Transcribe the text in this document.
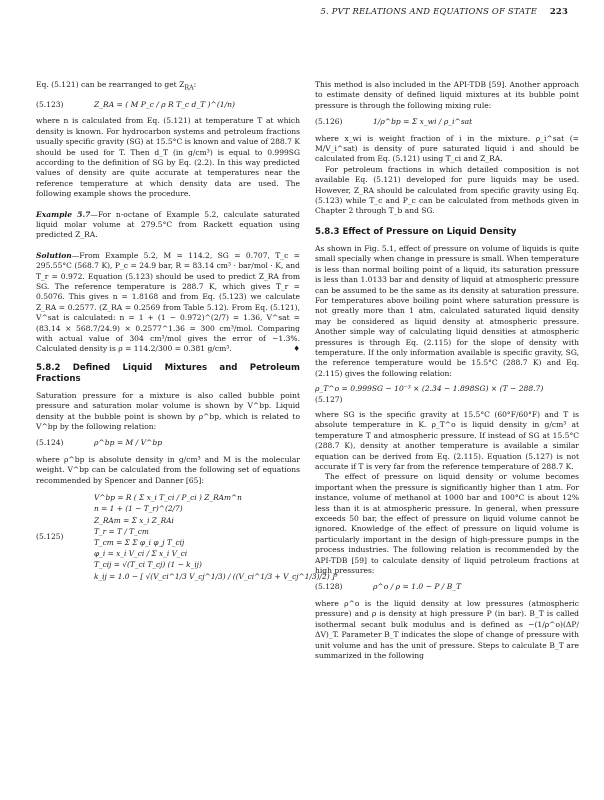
5. PVT RELATIONS AND EQUATIONS OF STATE 223

Eq. (5.121) can be rearranged to get $Z_{RA}$:

(5.123)	Z_RA = ( M P_c / ρ R T_c d_T )^(1/n)

where n is calculated from Eq. (5.121) at temperature T at which density is known. For hydrocarbon systems and petroleum fractions usually specific gravity (SG) at 15.5°C is known and value of 288.7 K should be used for T. Then d_T (in g/cm³) is equal to 0.999SG according to the definition of SG by Eq. (2.2). In this way predicted values of density are quite accurate at temperatures near the reference temperature at which density data are used. The following example shows the procedure.

Example 5.7—For n-octane of Example 5.2, calculate saturated liquid molar volume at 279.5°C from Rackett equation using predicted Z_RA.

Solution—From Example 5.2, M = 114.2, SG = 0.707, T_c = 295.55°C (568.7 K), P_c = 24.9 bar, R = 83.14 cm³ · bar/mol · K, and T_r = 0.972. Equation (5.123) should be used to predict Z_RA from SG. The reference temperature is 288.7 K, which gives T_r = 0.5076. This gives n = 1.8168 and from Eq. (5.123) we calculate Z_RA = 0.2577. (Z_RA = 0.2569 from Table 5.12). From Eq. (5.121), V^sat is calculated: n = 1 + (1 − 0.972)^(2/7) = 1.36, V^sat = (83.14 × 568.7/24.9) × 0.2577^1.36 = 300 cm³/mol. Comparing with actual value of 304 cm³/mol gives the error of −1.3%. Calculated density is ρ = 114.2/300 = 0.381 g/cm³.	♦

5.8.2 Defined Liquid Mixtures and Petroleum Fractions

Saturation pressure for a mixture is also called bubble point pressure and saturation molar volume is shown by V^bp. Liquid density at the bubble point is shown by ρ^bp, which is related to V^bp by the following relation:

(5.124)	ρ^bp = M / V^bp

where ρ^bp is absolute density in g/cm³ and M is the molecular weight. V^bp can be calculated from the following set of equations recommended by Spencer and Danner [65]:

(5.125)
V^bp = R ( Σ x_i T_ci / P_ci ) Z_RAm^n
n = 1 + (1 − T_r)^(2/7)
Z_RAm = Σ x_i Z_RAi
T_r = T / T_cm
T_cm = Σ Σ φ_i φ_j T_cij
φ_i = x_i V_ci / Σ x_i V_ci
T_cij = √(T_ci T_cj) (1 − k_ij)
k_ij = 1.0 − [ √(V_ci^1/3 V_cj^1/3) / ((V_ci^1/3 + V_cj^1/3)/2) ]³

This method is also included in the API-TDB [59]. Another approach to estimate density of defined liquid mixtures at its bubble point pressure is through the following mixing rule:

(5.126)	1/ρ^bp = Σ x_wi / ρ_i^sat

where x_wi is weight fraction of i in the mixture. ρ_i^sat (= M/V_i^sat) is density of pure saturated liquid i and should be calculated from Eq. (5.121) using T_ci and Z_RA.

For petroleum fractions in which detailed composition is not available Eq. (5.121) developed for pure liquids may be used. However, Z_RA should be calculated from specific gravity using Eq. (5.123) while T_c and P_c can be calculated from methods given in Chapter 2 through T_b and SG.

5.8.3 Effect of Pressure on Liquid Density

As shown in Fig. 5.1, effect of pressure on volume of liquids is quite small specially when change in pressure is small. When temperature is less than normal boiling point of a liquid, its saturation pressure is less than 1.0133 bar and density of liquid at atmospheric pressure can be assumed to be the same as its density at saturation pressure. For temperatures above boiling point where saturation pressure is not greatly more than 1 atm, calculated saturated liquid density may be considered as liquid density at atmospheric pressure. Another simple way of calculating liquid densities at atmospheric pressures is through Eq. (2.115) for the slope of density with temperature. If the only information available is specific gravity, SG, the reference temperature would be 15.5°C (288.7 K) and Eq. (2.115) gives the following relation:

ρ_T^o = 0.999SG − 10⁻³ × (2.34 − 1.898SG) × (T − 288.7)
(5.127)

where SG is the specific gravity at 15.5°C (60°F/60°F) and T is absolute temperature in K. ρ_T^o is liquid density in g/cm³ at temperature T and atmospheric pressure. If instead of SG at 15.5°C (288.7 K), density at another temperature is available a similar equation can be derived from Eq. (2.115). Equation (5.127) is not accurate if T is very far from the reference temperature of 288.7 K.

The effect of pressure on liquid density or volume becomes important when the pressure is significantly higher than 1 atm. For instance, volume of methanol at 1000 bar and 100°C is about 12% less than it is at atmospheric pressure. In general, when pressure exceeds 50 bar, the effect of pressure on liquid volume cannot be ignored. Knowledge of the effect of pressure on liquid volume is particularly important in the design of high-pressure pumps in the process industries. The following relation is recommended by the API-TDB [59] to calculate density of liquid petroleum fractions at high pressures:

(5.128)	ρ^o / ρ = 1.0 − P / B_T

where ρ^o is the liquid density at low pressures (atmospheric pressure) and ρ is density at high pressure P (in bar). B_T is called isothermal secant bulk modulus and is defined as −(1/ρ^o)(ΔP/ΔV)_T. Parameter B_T indicates the slope of change of pressure with unit volume and has the unit of pressure. Steps to calculate B_T are summarized in the following
